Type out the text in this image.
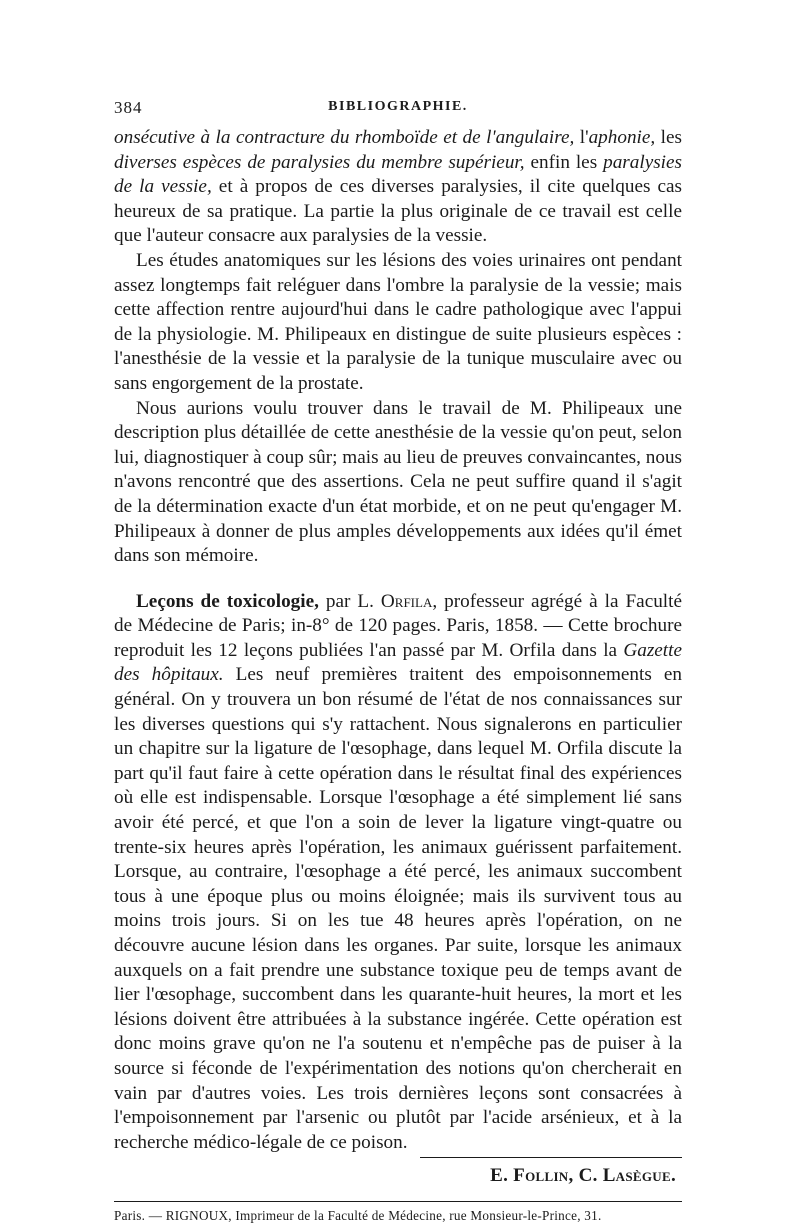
384	BIBLIOGRAPHIE.

onsécutive à la contracture du rhomboïde et de l'angulaire, l'aphonie, les diverses espèces de paralysies du membre supérieur, enfin les paralysies de la vessie, et à propos de ces diverses paralysies, il cite quelques cas heureux de sa pratique. La partie la plus originale de ce travail est celle que l'auteur consacre aux paralysies de la vessie.

Les études anatomiques sur les lésions des voies urinaires ont pendant assez longtemps fait reléguer dans l'ombre la paralysie de la vessie; mais cette affection rentre aujourd'hui dans le cadre pathologique avec l'appui de la physiologie. M. Philipeaux en distingue de suite plusieurs espèces : l'anesthésie de la vessie et la paralysie de la tunique musculaire avec ou sans engorgement de la prostate.

Nous aurions voulu trouver dans le travail de M. Philipeaux une description plus détaillée de cette anesthésie de la vessie qu'on peut, selon lui, diagnostiquer à coup sûr; mais au lieu de preuves convaincantes, nous n'avons rencontré que des assertions. Cela ne peut suffire quand il s'agit de la détermination exacte d'un état morbide, et on ne peut qu'engager M. Philipeaux à donner de plus amples développements aux idées qu'il émet dans son mémoire.

Leçons de toxicologie, par L. Orfila, professeur agrégé à la Faculté de Médecine de Paris; in-8° de 120 pages. Paris, 1858. — Cette brochure reproduit les 12 leçons publiées l'an passé par M. Orfila dans la Gazette des hôpitaux. Les neuf premières traitent des empoisonnements en général. On y trouvera un bon résumé de l'état de nos connaissances sur les diverses questions qui s'y rattachent. Nous signalerons en particulier un chapitre sur la ligature de l'œsophage, dans lequel M. Orfila discute la part qu'il faut faire à cette opération dans le résultat final des expériences où elle est indispensable. Lorsque l'œsophage a été simplement lié sans avoir été percé, et que l'on a soin de lever la ligature vingt-quatre ou trente-six heures après l'opération, les animaux guérissent parfaitement. Lorsque, au contraire, l'œsophage a été percé, les animaux succombent tous à une époque plus ou moins éloignée; mais ils survivent tous au moins trois jours. Si on les tue 48 heures après l'opération, on ne découvre aucune lésion dans les organes. Par suite, lorsque les animaux auxquels on a fait prendre une substance toxique peu de temps avant de lier l'œsophage, succombent dans les quarante-huit heures, la mort et les lésions doivent être attribuées à la substance ingérée. Cette opération est donc moins grave qu'on ne l'a soutenu et n'empêche pas de puiser à la source si féconde de l'expérimentation des notions qu'on chercherait en vain par d'autres voies. Les trois dernières leçons sont consacrées à l'empoisonnement par l'arsenic ou plutôt par l'acide arsénieux, et à la recherche médico-légale de ce poison.

E. Follin, C. Lasègue.
Paris. — RIGNOUX, Imprimeur de la Faculté de Médecine, rue Monsieur-le-Prince, 31.
